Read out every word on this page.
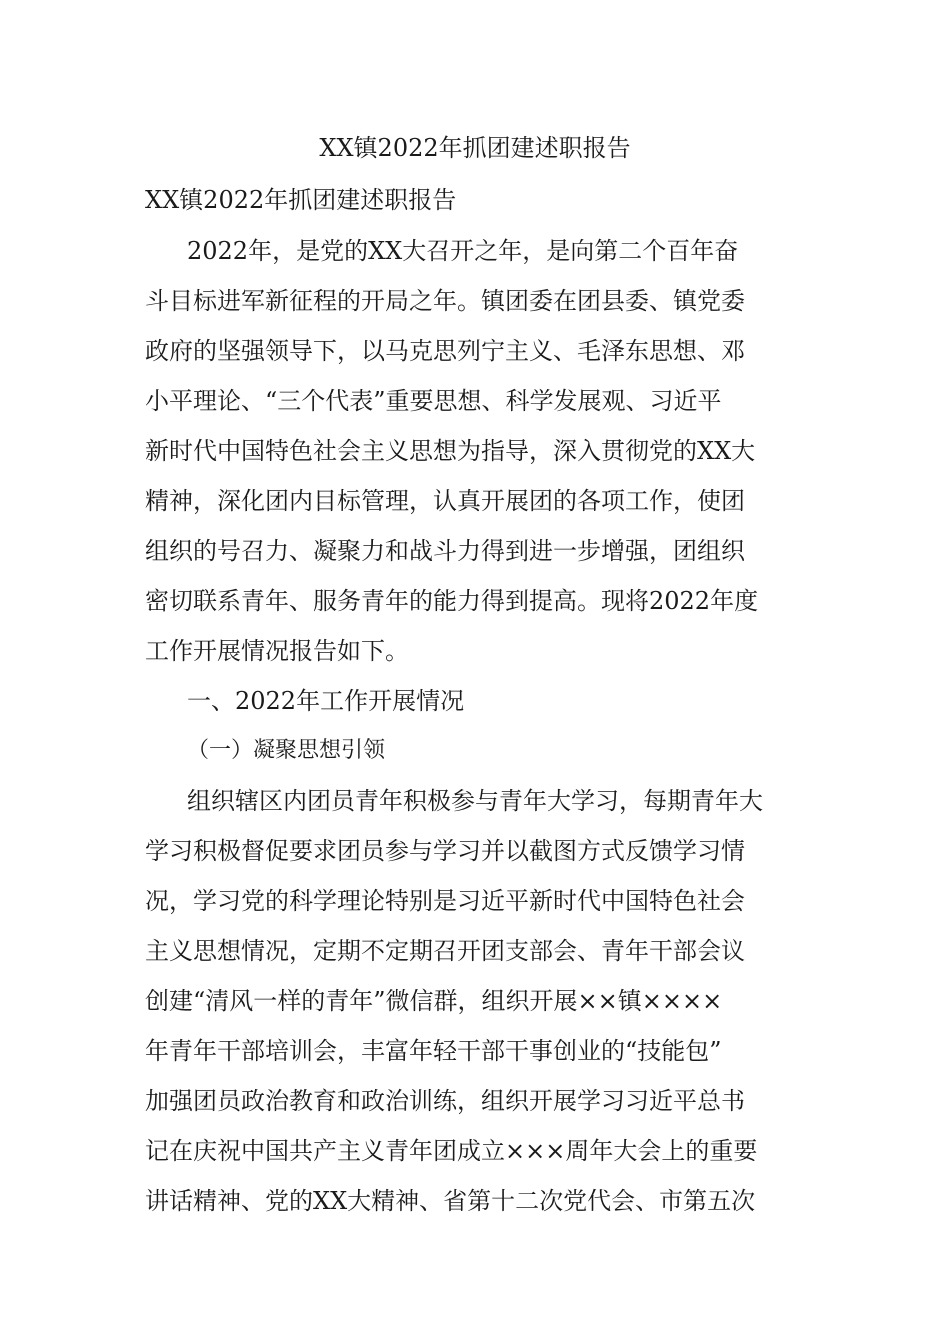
XX镇2022年抓团建述职报告
XX镇2022年抓团建述职报告
2022年，是党的XX大召开之年，是向第二个百年奋
斗目标进军新征程的开局之年。镇团委在团县委、镇党委
政府的坚强领导下，以马克思列宁主义、毛泽东思想、邓
小平理论、“三个代表”重要思想、科学发展观、习近平
新时代中国特色社会主义思想为指导，深入贯彻党的XX大
精神，深化团内目标管理，认真开展团的各项工作，使团
组织的号召力、凝聚力和战斗力得到进一步增强，团组织
密切联系青年、服务青年的能力得到提高。现将2022年度
工作开展情况报告如下。
一、2022年工作开展情况
（一）凝聚思想引领
组织辖区内团员青年积极参与青年大学习，每期青年大
学习积极督促要求团员参与学习并以截图方式反馈学习情
况，学习党的科学理论特别是习近平新时代中国特色社会
主义思想情况，定期不定期召开团支部会、青年干部会议
创建“清风一样的青年”微信群，组织开展××镇××××
年青年干部培训会，丰富年轻干部干事创业的“技能包”
加强团员政治教育和政治训练，组织开展学习习近平总书
记在庆祝中国共产主义青年团成立×××周年大会上的重要
讲话精神、党的XX大精神、省第十二次党代会、市第五次
